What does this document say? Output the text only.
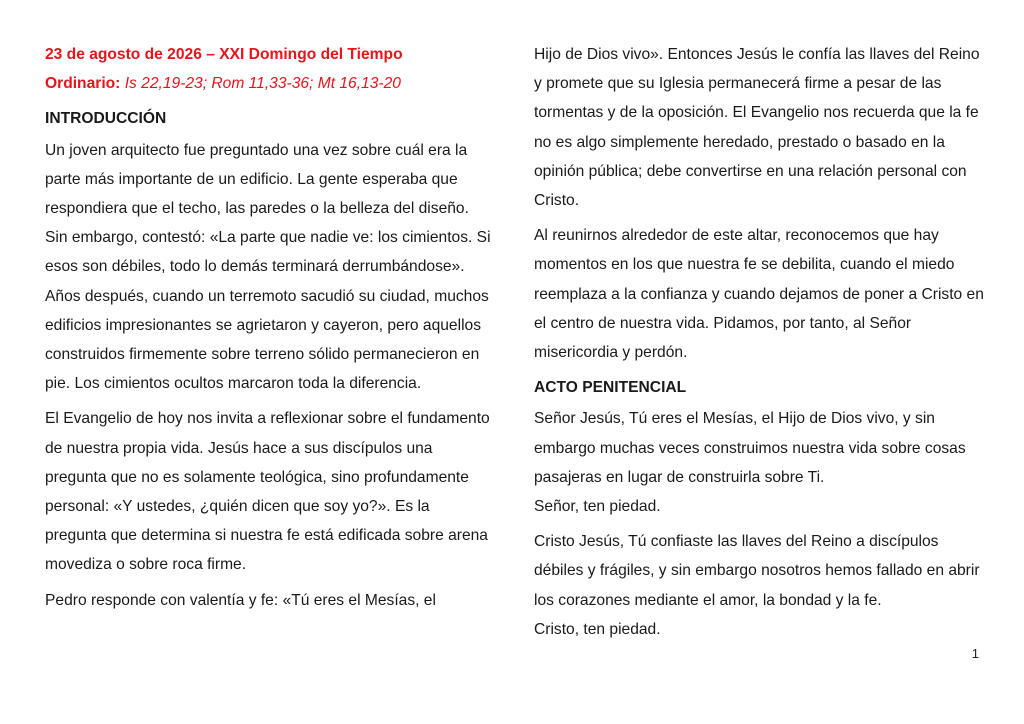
23 de agosto de 2026 – XXI Domingo del Tiempo
Ordinario: Is 22,19-23; Rom 11,33-36; Mt 16,13-20

INTRODUCCIÓN

Un joven arquitecto fue preguntado una vez sobre cuál era la parte más importante de un edificio. La gente esperaba que respondiera que el techo, las paredes o la belleza del diseño. Sin embargo, contestó: «La parte que nadie ve: los cimientos. Si esos son débiles, todo lo demás terminará derrumbándose». Años después, cuando un terremoto sacudió su ciudad, muchos edificios impresionantes se agrietaron y cayeron, pero aquellos construidos firmemente sobre terreno sólido permanecieron en pie. Los cimientos ocultos marcaron toda la diferencia.

El Evangelio de hoy nos invita a reflexionar sobre el fundamento de nuestra propia vida. Jesús hace a sus discípulos una pregunta que no es solamente teológica, sino profundamente personal: «Y ustedes, ¿quién dicen que soy yo?». Es la pregunta que determina si nuestra fe está edificada sobre arena movediza o sobre roca firme.

Pedro responde con valentía y fe: «Tú eres el Mesías, el

Hijo de Dios vivo». Entonces Jesús le confía las llaves del Reino y promete que su Iglesia permanecerá firme a pesar de las tormentas y de la oposición. El Evangelio nos recuerda que la fe no es algo simplemente heredado, prestado o basado en la opinión pública; debe convertirse en una relación personal con Cristo.

Al reunirnos alrededor de este altar, reconocemos que hay momentos en los que nuestra fe se debilita, cuando el miedo reemplaza a la confianza y cuando dejamos de poner a Cristo en el centro de nuestra vida. Pidamos, por tanto, al Señor misericordia y perdón.

ACTO PENITENCIAL

Señor Jesús, Tú eres el Mesías, el Hijo de Dios vivo, y sin embargo muchas veces construimos nuestra vida sobre cosas pasajeras en lugar de construirla sobre Ti.
Señor, ten piedad.

Cristo Jesús, Tú confiaste las llaves del Reino a discípulos débiles y frágiles, y sin embargo nosotros hemos fallado en abrir los corazones mediante el amor, la bondad y la fe.
Cristo, ten piedad.

1
